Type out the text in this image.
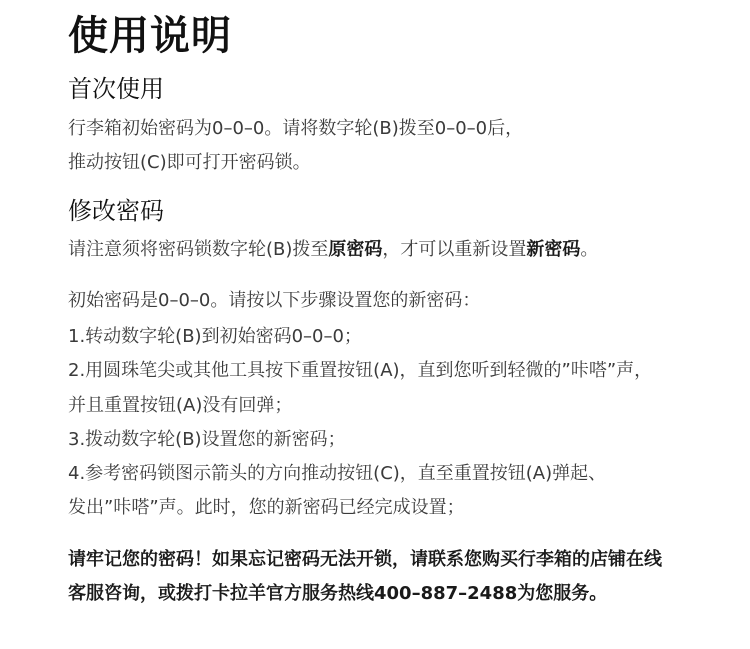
使用说明
首次使用

行李箱初始密码为0–0–0。请将数字轮(B)拨至0–0–0后，

推动按钮(C)即可打开密码锁。

修改密码

请注意须将密码锁数字轮(B)拨至原密码，才可以重新设置新密码。

初始密码是0–0–0。请按以下步骤设置您的新密码：

1.转动数字轮(B)到初始密码0–0–0；

2.用圆珠笔尖或其他工具按下重置按钮(A)，直到您听到轻微的”咔嗒”声，

并且重置按钮(A)没有回弹；

3.拨动数字轮(B)设置您的新密码；

4.参考密码锁图示箭头的方向推动按钮(C)，直至重置按钮(A)弹起、

发出”咔嗒”声。此时，您的新密码已经完成设置；

请牢记您的密码！如果忘记密码无法开锁，请联系您购买行李箱的店铺在线

客服咨询，或拨打卡拉羊官方服务热线400–887–2488为您服务。
